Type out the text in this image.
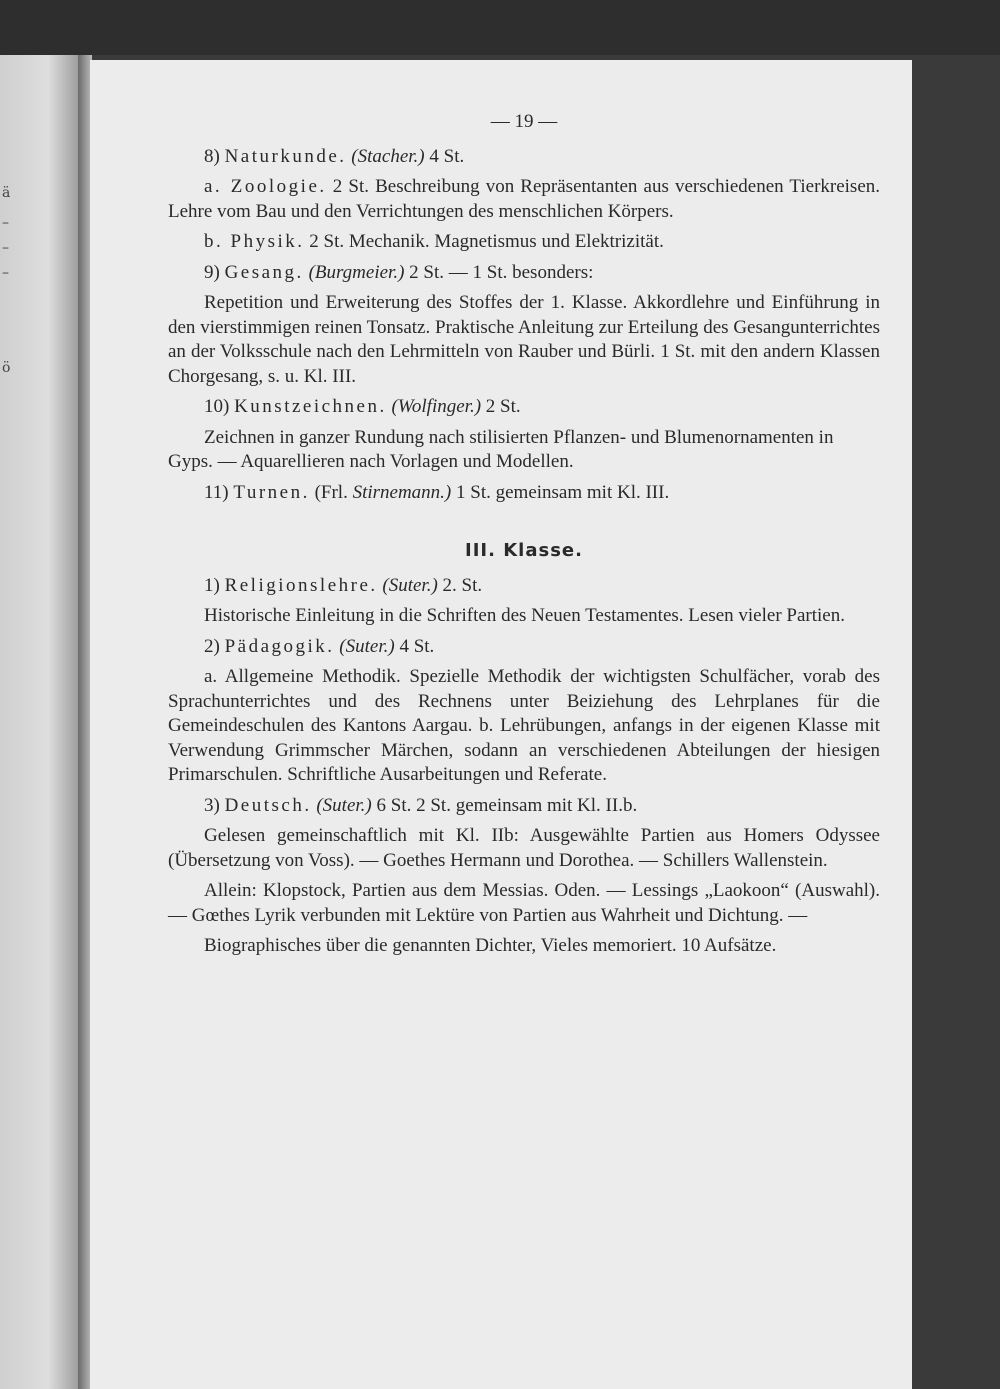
ä
–
–
–
ö
— 19 —

8) Naturkunde. (Stacher.) 4 St.

a. Zoologie. 2 St. Beschreibung von Repräsentanten aus verschiedenen Tierkreisen. Lehre vom Bau und den Verrichtungen des menschlichen Körpers.

b. Physik. 2 St. Mechanik. Magnetismus und Elektrizität.

9) Gesang. (Burgmeier.) 2 St. — 1 St. besonders:

Repetition und Erweiterung des Stoffes der 1. Klasse. Akkordlehre und Einführung in den vierstimmigen reinen Tonsatz. Praktische Anleitung zur Erteilung des Gesangunterrichtes an der Volksschule nach den Lehrmitteln von Rauber und Bürli. 1 St. mit den andern Klassen Chorgesang, s. u. Kl. III.

10) Kunstzeichnen. (Wolfinger.) 2 St.

Zeichnen in ganzer Rundung nach stilisierten Pflanzen- und Blumenornamenten in Gyps. — Aquarellieren nach Vorlagen und Modellen.

11) Turnen. (Frl. Stirnemann.) 1 St. gemeinsam mit Kl. III.

III. Klasse.

1) Religionslehre. (Suter.) 2. St.

Historische Einleitung in die Schriften des Neuen Testamentes. Lesen vieler Partien.

2) Pädagogik. (Suter.) 4 St.

a. Allgemeine Methodik. Spezielle Methodik der wichtigsten Schulfächer, vorab des Sprachunterrichtes und des Rechnens unter Beiziehung des Lehrplanes für die Gemeindeschulen des Kantons Aargau. b. Lehrübungen, anfangs in der eigenen Klasse mit Verwendung Grimmscher Märchen, sodann an verschiedenen Abteilungen der hiesigen Primarschulen. Schriftliche Ausarbeitungen und Referate.

3) Deutsch. (Suter.) 6 St. 2 St. gemeinsam mit Kl. II.b.

Gelesen gemeinschaftlich mit Kl. IIb: Ausgewählte Partien aus Homers Odyssee (Übersetzung von Voss). — Goethes Hermann und Dorothea. — Schillers Wallenstein.

Allein: Klopstock, Partien aus dem Messias. Oden. — Lessings „Laokoon“ (Auswahl). — Gœthes Lyrik verbunden mit Lektüre von Partien aus Wahrheit und Dichtung. —

Biographisches über die genannten Dichter, Vieles memoriert. 10 Aufsätze.
